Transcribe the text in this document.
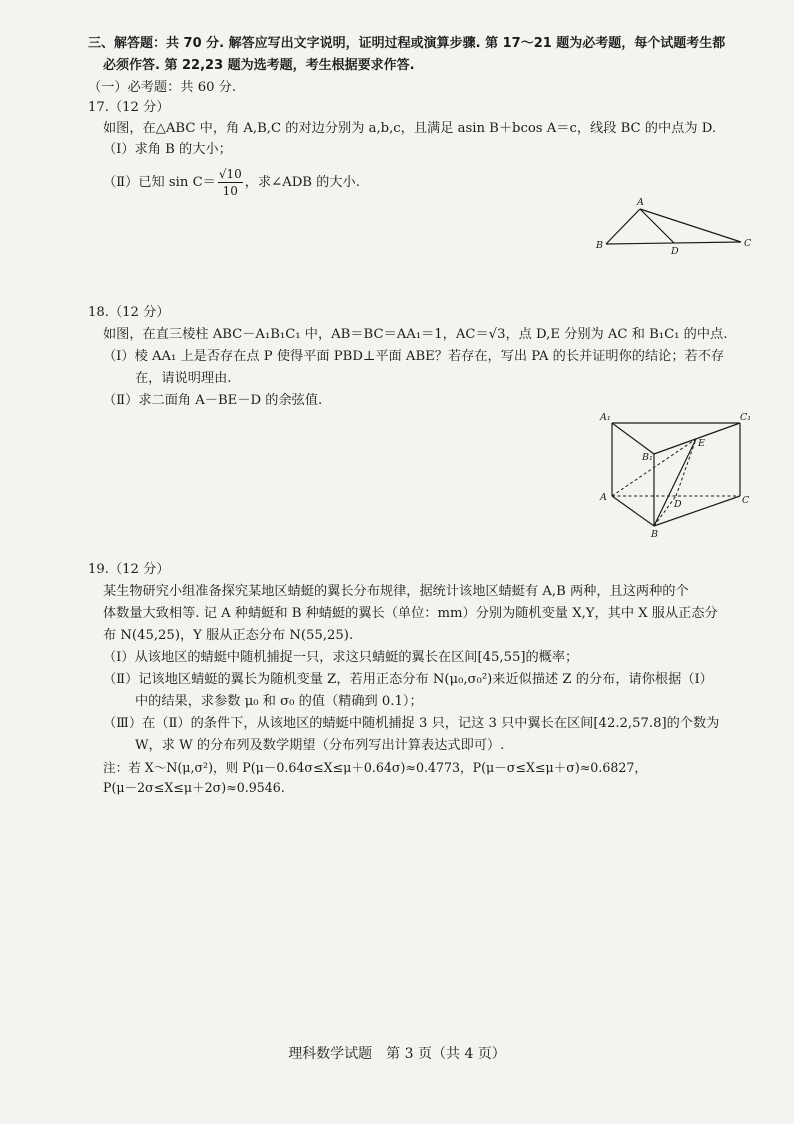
三、解答题：共 70 分. 解答应写出文字说明，证明过程或演算步骤. 第 17～21 题为必考题，每个试题考生都
必须作答. 第 22,23 题为选考题，考生根据要求作答.
（一）必考题：共 60 分.
17.（12 分）
如图，在△ABC 中，角 A,B,C 的对边分别为 a,b,c，且满足 asin B＋bcos A＝c，线段 BC 的中点为 D.
（Ⅰ）求角 B 的大小；
（Ⅱ）已知 $\sin C= \frac{√10}{10}$ ，求∠ADB 的大小.
A
B	C
D
18.（12 分）
如图，在直三棱柱 ABC－A₁B₁C₁ 中，AB＝BC＝AA₁＝1，AC＝√3，点 D,E 分别为 AC 和 B₁C₁ 的中点.
（Ⅰ）棱 AA₁ 上是否存在点 P 使得平面 PBD⊥平面 ABE？若存在，写出 PA 的长并证明你的结论；若不存
在，请说明理由.
（Ⅱ）求二面角 A－BE－D 的余弦值.
A₁	C₁
B₁
E
A
D	C
B
19.（12 分）
某生物研究小组准备探究某地区蜻蜓的翼长分布规律，据统计该地区蜻蜓有 A,B 两种，且这两种的个
体数量大致相等. 记 A 种蜻蜓和 B 种蜻蜓的翼长（单位：mm）分别为随机变量 X,Y，其中 X 服从正态分
布 N(45,25)，Y 服从正态分布 N(55,25).
（Ⅰ）从该地区的蜻蜓中随机捕捉一只，求这只蜻蜓的翼长在区间[45,55]的概率；
（Ⅱ）记该地区蜻蜓的翼长为随机变量 Z，若用正态分布 N(μ₀,σ₀²)来近似描述 Z 的分布，请你根据（Ⅰ）
中的结果，求参数 μ₀ 和 σ₀ 的值（精确到 0.1）；
（Ⅲ）在（Ⅱ）的条件下，从该地区的蜻蜓中随机捕捉 3 只，记这 3 只中翼长在区间[42.2,57.8]的个数为
W，求 W 的分布列及数学期望（分布列写出计算表达式即可）.
注：若 X～N(μ,σ²)，则 P(μ－0.64σ≤X≤μ＋0.64σ)≈0.4773，P(μ－σ≤X≤μ＋σ)≈0.6827，
P(μ－2σ≤X≤μ＋2σ)≈0.9546.
理科数学试题　第 3 页（共 4 页）
